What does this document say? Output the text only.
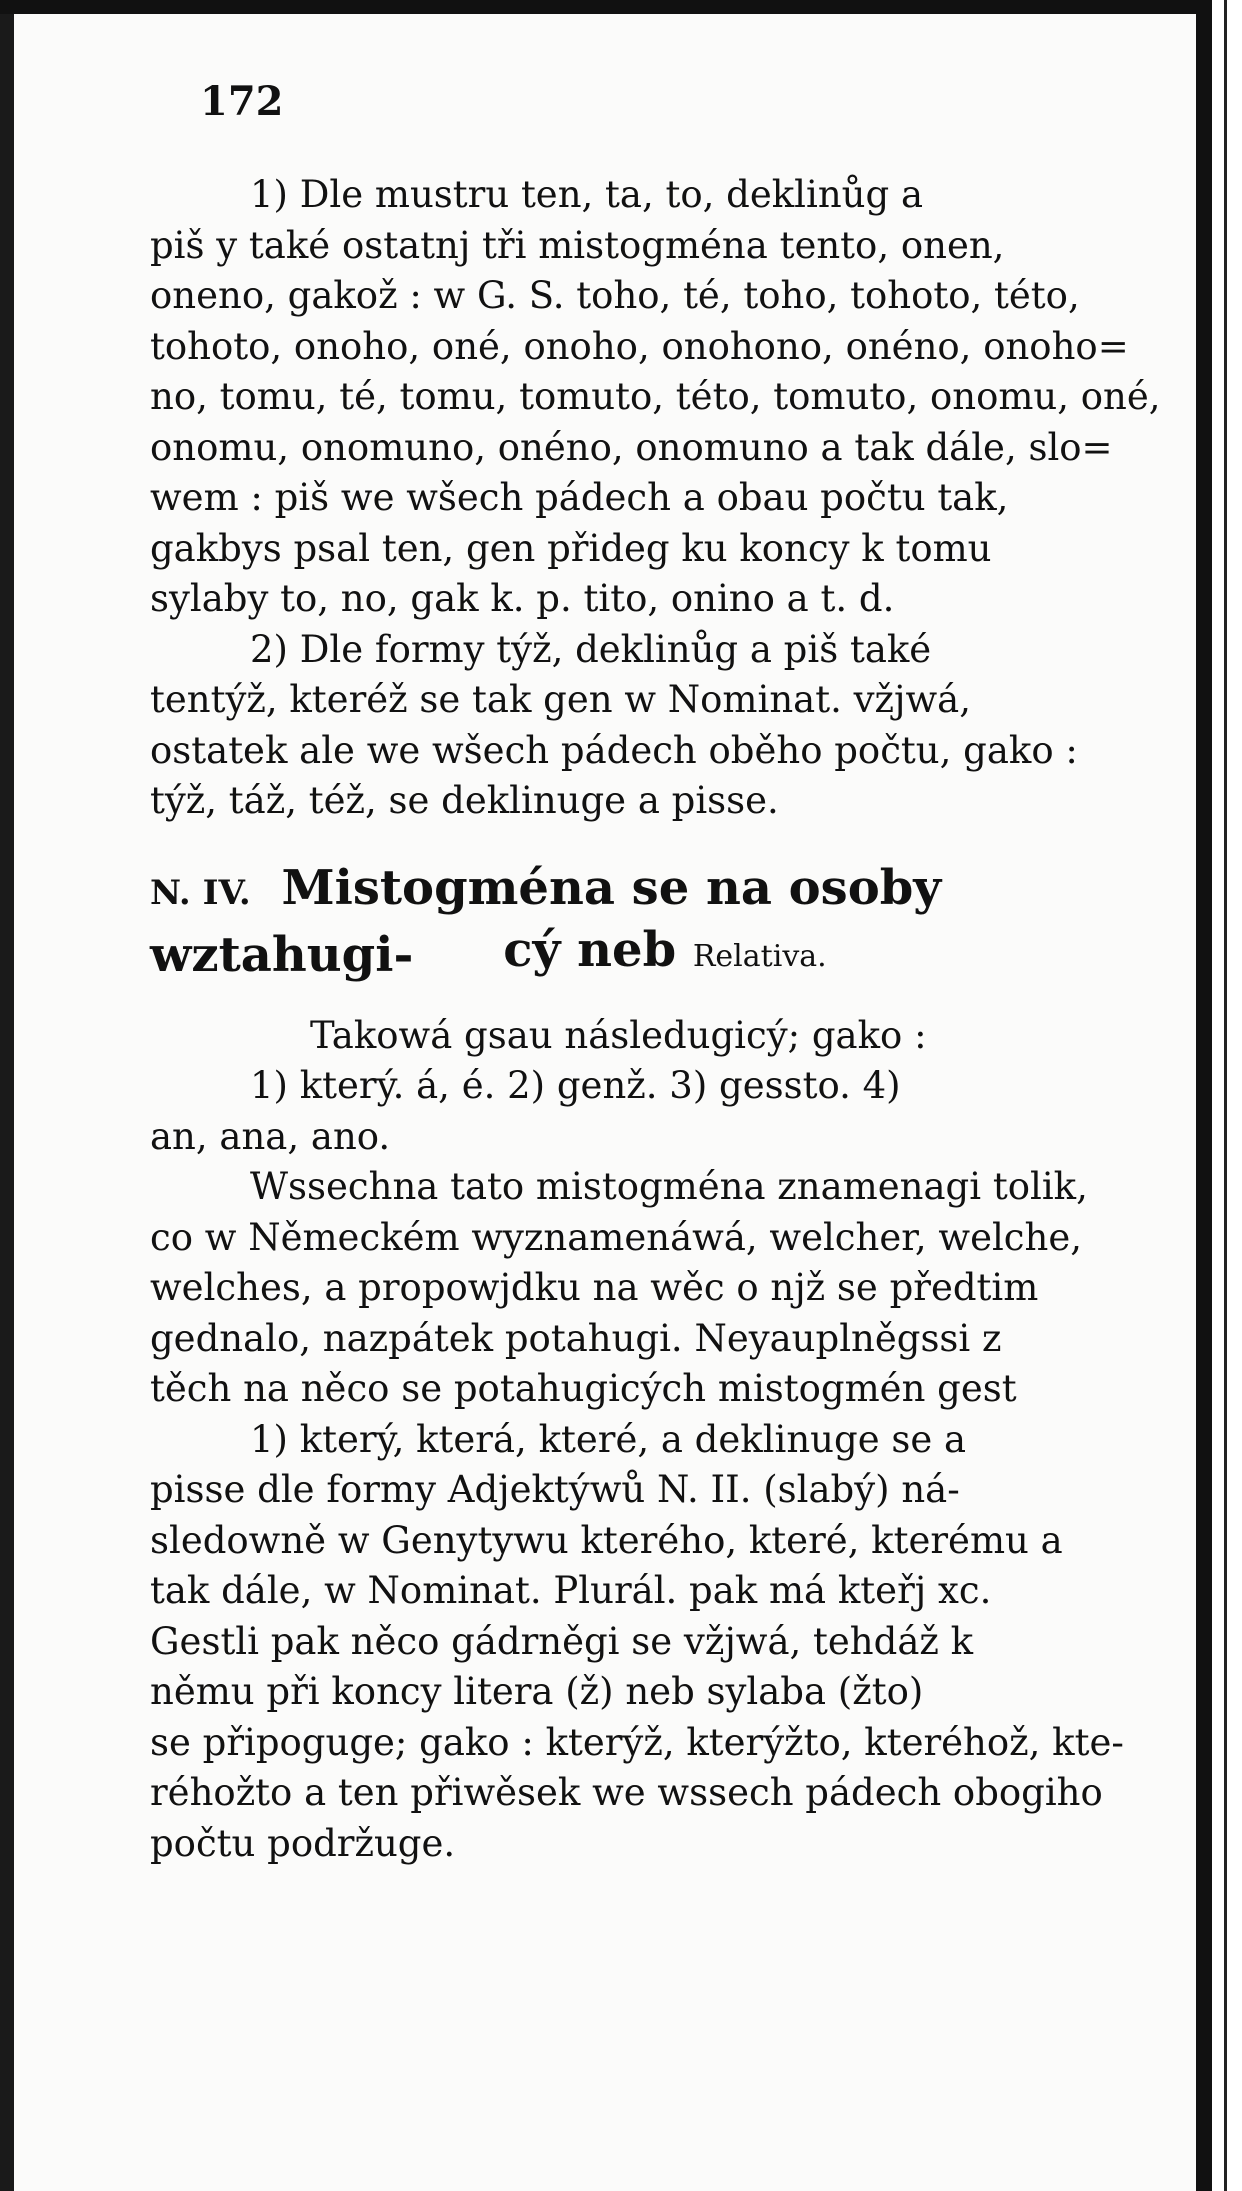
172
1) Dle mustru ten, ta, to, deklinůg a
piš y také ostatnj tři mistogména tento, onen,
oneno, gakož : w G. S. toho, té, toho, tohoto, této,
tohoto, onoho, oné, onoho, onohono, onéno, onoho=
no, tomu, té, tomu, tomuto, této, tomuto, onomu, oné,
onomu, onomuno, onéno, onomuno a tak dále, slo=
wem : piš we wšech pádech a obau počtu tak,
gakbys psal ten, gen přideg ku koncy k tomu
sylaby to, no, gak k. p. tito, onino a t. d.
2) Dle formy týž, deklinůg a piš také
tentýž, kteréž se tak gen w Nominat. vžjwá,
ostatek ale we wšech pádech oběho počtu, gako :
týž, táž, též, se deklinuge a pisse.
N. IV. Mistogména se na osoby wztahugi-	cý neb Relativa.
Takowá gsau následugicý; gako :
1) který. á, é. 2) genž. 3) gessto. 4)
an, ana, ano.
Wssechna tato mistogména znamenagi tolik,
co w Německém wyznamenáwá, welcher, welche,
welches, a propowjdku na wěc o njž se předtim
gednalo, nazpátek potahugi. Neyauplněgssi z
těch na něco se potahugicých mistogmén gest
1) který, která, které, a deklinuge se a
pisse dle formy Adjektýwů N. II. (slabý) ná-
sledowně w Genytywu kterého, které, kterému a
tak dále, w Nominat. Plurál. pak má kteřj xc.
Gestli pak něco gádrněgi se vžjwá, tehdáž k
němu při koncy litera (ž) neb sylaba (žto)
se připoguge; gako : kterýž, kterýžto, kteréhož, kte-
réhožto a ten přiwěsek we wssech pádech obogiho
počtu podržuge.
